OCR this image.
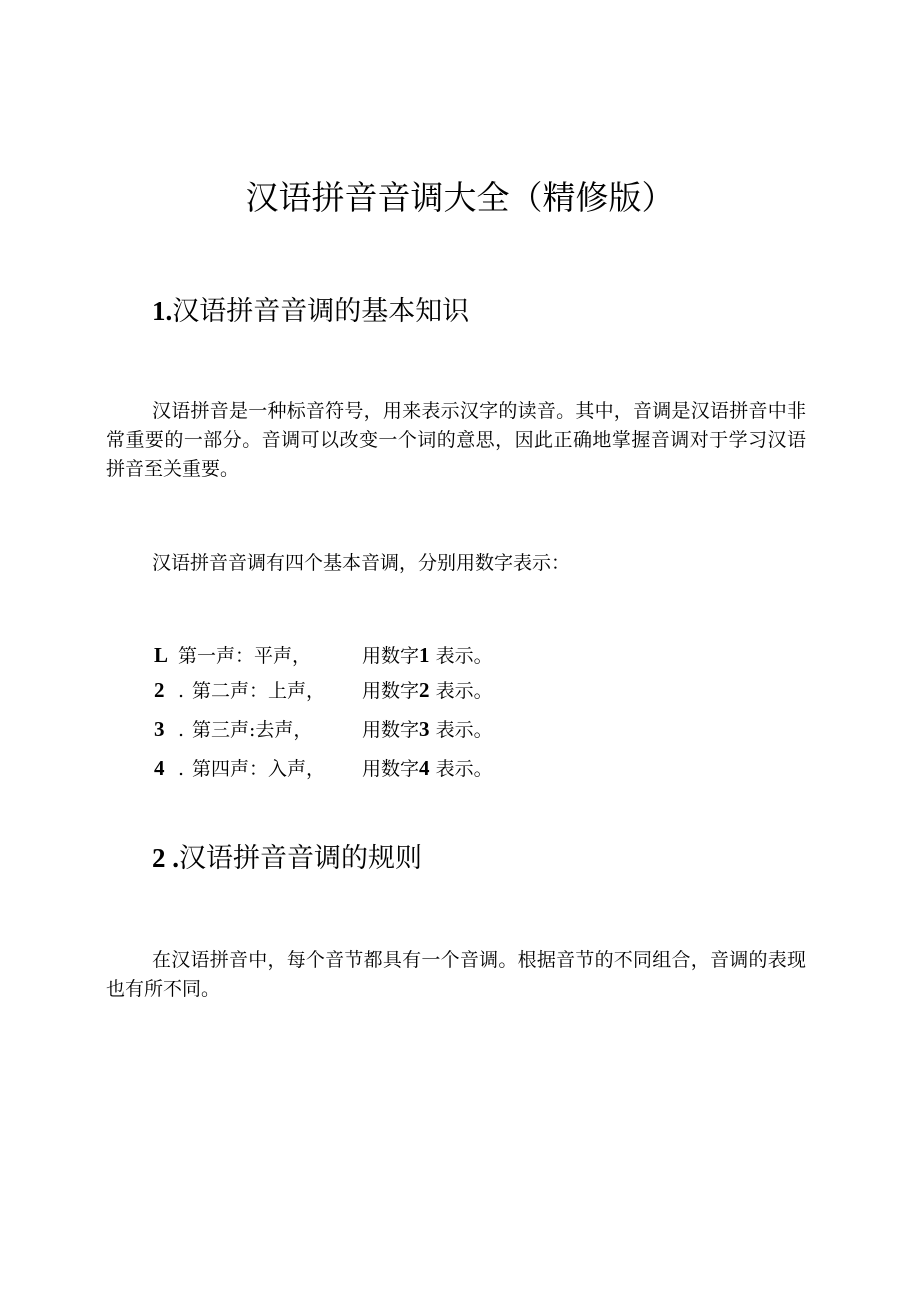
汉语拼音音调大全（精修版）
1.汉语拼音音调的基本知识

汉语拼音是一种标音符号，用来表示汉字的读音。其中，音调是汉语拼音中非常重要的一部分。音调可以改变一个词的意思，因此正确地掌握音调对于学习汉语拼音至关重要。

汉语拼音音调有四个基本音调，分别用数字表示：

L 第一声：平声，	用数字1 表示。
2 . 第二声：上声， 用数字2 表示。
3 . 第三声:去声，	用数字3 表示。
4 . 第四声：入声， 用数字4 表示。
2 .汉语拼音音调的规则

在汉语拼音中，每个音节都具有一个音调。根据音节的不同组合，音调的表现也有所不同。
